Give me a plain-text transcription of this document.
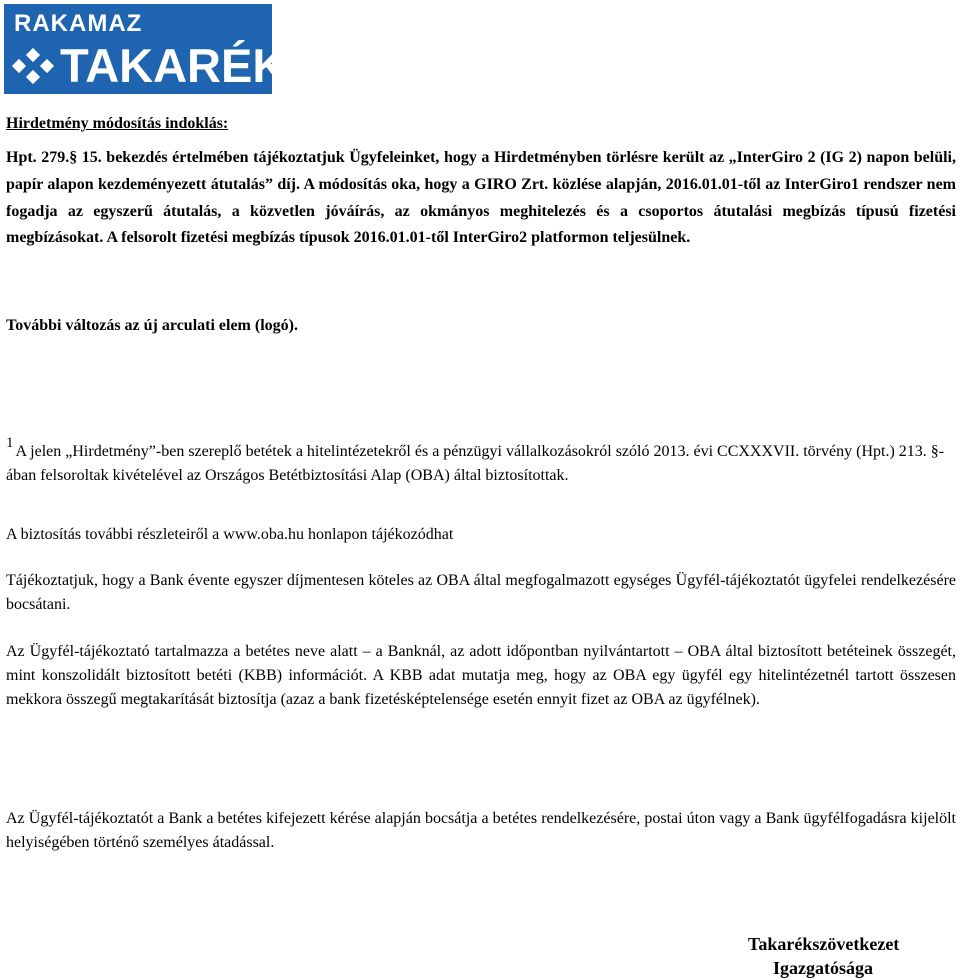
RAKAMAZ
TAKARÉK

Hirdetmény módosítás indoklás:

Hpt. 279.§ 15. bekezdés értelmében tájékoztatjuk Ügyfeleinket, hogy a Hirdetményben törlésre került az „InterGiro 2 (IG 2) napon belüli, papír alapon kezdeményezett átutalás” díj. A módosítás oka, hogy a GIRO Zrt. közlése alapján, 2016.01.01-től az InterGiro1 rendszer nem fogadja az egyszerű átutalás, a közvetlen jóváírás, az okmányos meghitelezés és a csoportos átutalási megbízás típusú fizetési megbízásokat. A felsorolt fizetési megbízás típusok 2016.01.01-től InterGiro2 platformon teljesülnek.

További változás az új arculati elem (logó).

1 A jelen „Hirdetmény”-ben szereplő betétek a hitelintézetekről és a pénzügyi vállalkozásokról szóló 2013. évi CCXXXVII. törvény (Hpt.) 213. §-ában felsoroltak kivételével az Országos Betétbiztosítási Alap (OBA) által biztosítottak.

A biztosítás további részleteiről a www.oba.hu honlapon tájékozódhat

Tájékoztatjuk, hogy a Bank évente egyszer díjmentesen köteles az OBA által megfogalmazott egységes Ügyfél-tájékoztatót ügyfelei rendelkezésére bocsátani.

Az Ügyfél-tájékoztató tartalmazza a betétes neve alatt – a Banknál, az adott időpontban nyilvántartott – OBA által biztosított betéteinek összegét, mint konszolidált biztosított betéti (KBB) információt. A KBB adat mutatja meg, hogy az OBA egy ügyfél egy hitelintézetnél tartott összesen mekkora összegű megtakarítását biztosítja (azaz a bank fizetésképtelensége esetén ennyit fizet az OBA az ügyfélnek).

Az Ügyfél-tájékoztatót a Bank a betétes kifejezett kérése alapján bocsátja a betétes rendelkezésére, postai úton vagy a Bank ügyfélfogadásra kijelölt helyiségében történő személyes átadással.

Takarékszövetkezet
Igazgatósága
